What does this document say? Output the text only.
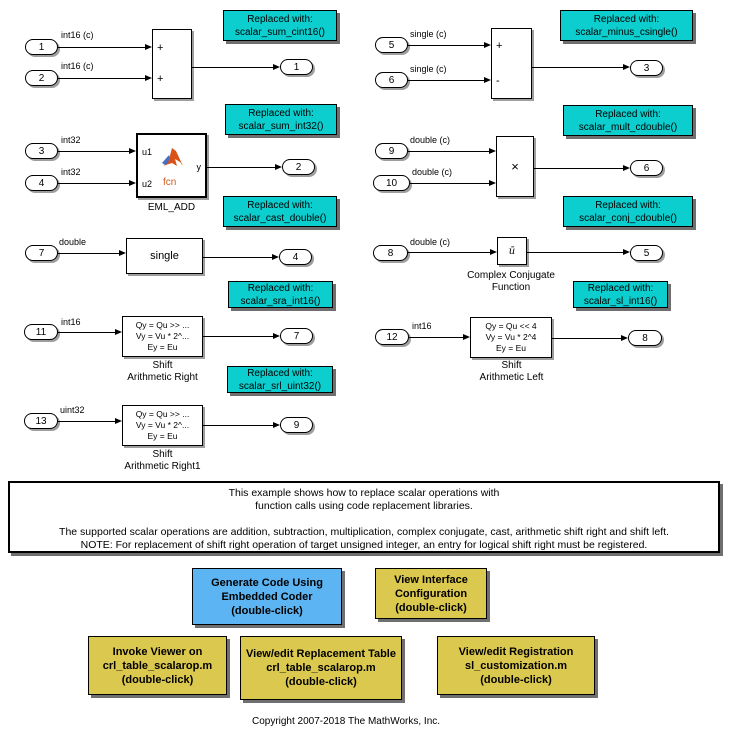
1
2
int16 (c)
int16 (c)
+
+
1
Replaced with:
scalar_sum_cint16()
5
6
single (c)
single (c)
+
-
3
Replaced with:
scalar_minus_csingle()
3
4
int32
int32
u1
u2
y
fcn
EML_ADD
2
Replaced with:
scalar_sum_int32()
Replaced with:
scalar_cast_double()
9
10
double (c)
double (c)	×	6
Replaced with:
scalar_mult_cdouble()
Replaced with:
scalar_conj_cdouble()
7
double
single	4
Replaced with:
scalar_sra_int16()
8
double (c)
ū
Complex Conjugate
Function
5
Replaced with:
scalar_sl_int16()
11
int16	Qy = Qu >> ...
Vy = Vu * 2^...
Ey = Eu
Shift
Arithmetic Right
7
Replaced with:
scalar_srl_uint32()
12
int16	Qy = Qu << 4
Vy = Vu * 2^4
Ey = Eu
Shift
Arithmetic Left
8
13
uint32	Qy = Qu >> ...
Vy = Vu * 2^...
Ey = Eu
Shift
Arithmetic Right1
9
This example shows how to replace scalar operations with
function calls using code replacement libraries.
The supported scalar operations are addition, subtraction, multiplication, complex conjugate, cast, arithmetic shift right and shift left.
NOTE: For replacement of shift right operation of target unsigned integer, an entry for logical shift right must be registered.
Generate Code Using
Embedded Coder
(double-click)
View Interface
Configuration
(double-click)
Invoke Viewer on
crl_table_scalarop.m
(double-click)
View/edit Replacement Table
crl_table_scalarop.m
(double-click)
View/edit Registration
sl_customization.m
(double-click)
Copyright 2007-2018 The MathWorks, Inc.
